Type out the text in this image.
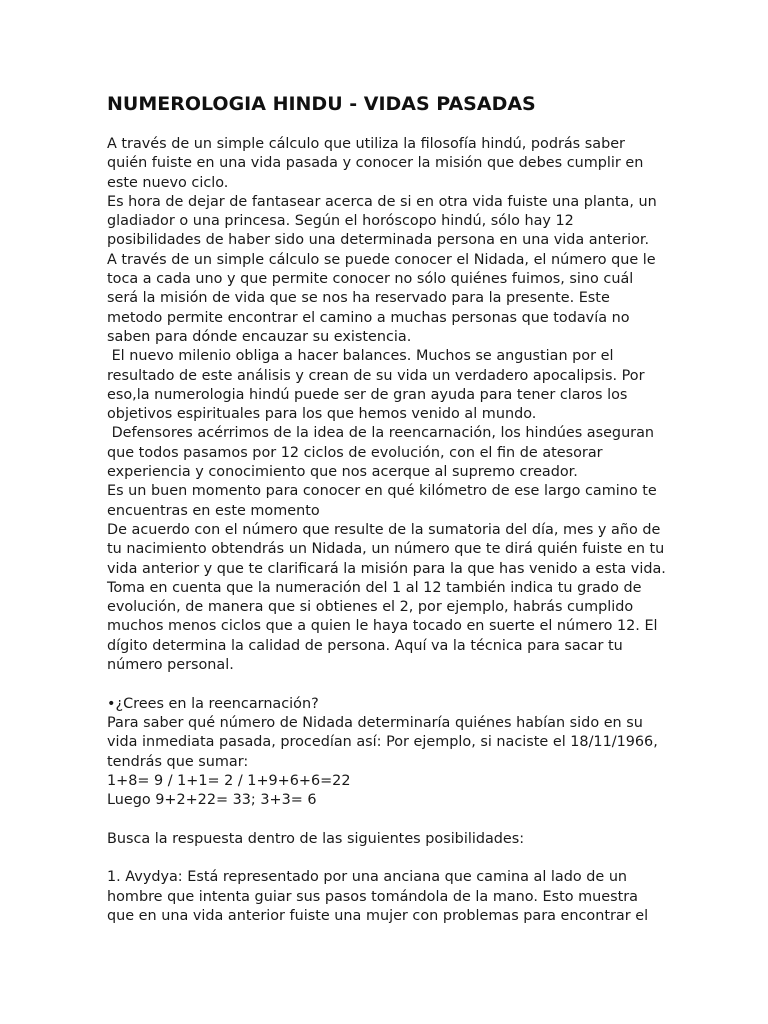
NUMEROLOGIA HINDU - VIDAS PASADAS
A través de un simple cálculo que utiliza la filosofía hindú, podrás saber
quién fuiste en una vida pasada y conocer la misión que debes cumplir en
este nuevo ciclo.
Es hora de dejar de fantasear acerca de si en otra vida fuiste una planta, un
gladiador o una princesa. Según el horóscopo hindú, sólo hay 12
posibilidades de haber sido una determinada persona en una vida anterior.
A través de un simple cálculo se puede conocer el Nidada, el número que le
toca a cada uno y que permite conocer no sólo quiénes fuimos, sino cuál
será la misión de vida que se nos ha reservado para la presente. Este
metodo permite encontrar el camino a muchas personas que todavía no
saben para dónde encauzar su existencia.
El nuevo milenio obliga a hacer balances. Muchos se angustian por el
resultado de este análisis y crean de su vida un verdadero apocalipsis. Por
eso,la numerologia hindú puede ser de gran ayuda para tener claros los
objetivos espirituales para los que hemos venido al mundo.
Defensores acérrimos de la idea de la reencarnación, los hindúes aseguran
que todos pasamos por 12 ciclos de evolución, con el fin de atesorar
experiencia y conocimiento que nos acerque al supremo creador.
Es un buen momento para conocer en qué kilómetro de ese largo camino te
encuentras en este momento
De acuerdo con el número que resulte de la sumatoria del día, mes y año de
tu nacimiento obtendrás un Nidada, un número que te dirá quién fuiste en tu
vida anterior y que te clarificará la misión para la que has venido a esta vida.
Toma en cuenta que la numeración del 1 al 12 también indica tu grado de
evolución, de manera que si obtienes el 2, por ejemplo, habrás cumplido
muchos menos ciclos que a quien le haya tocado en suerte el número 12. El
dígito determina la calidad de persona. Aquí va la técnica para sacar tu
número personal.
•¿Crees en la reencarnación?
Para saber qué número de Nidada determinaría quiénes habían sido en su
vida inmediata pasada, procedían así: Por ejemplo, si naciste el 18/11/1966,
tendrás que sumar:
1+8= 9 / 1+1= 2 / 1+9+6+6=22
Luego 9+2+22= 33; 3+3= 6
Busca la respuesta dentro de las siguientes posibilidades:
1. Avydya: Está representado por una anciana que camina al lado de un
hombre que intenta guiar sus pasos tomándola de la mano. Esto muestra
que en una vida anterior fuiste una mujer con problemas para encontrar el
